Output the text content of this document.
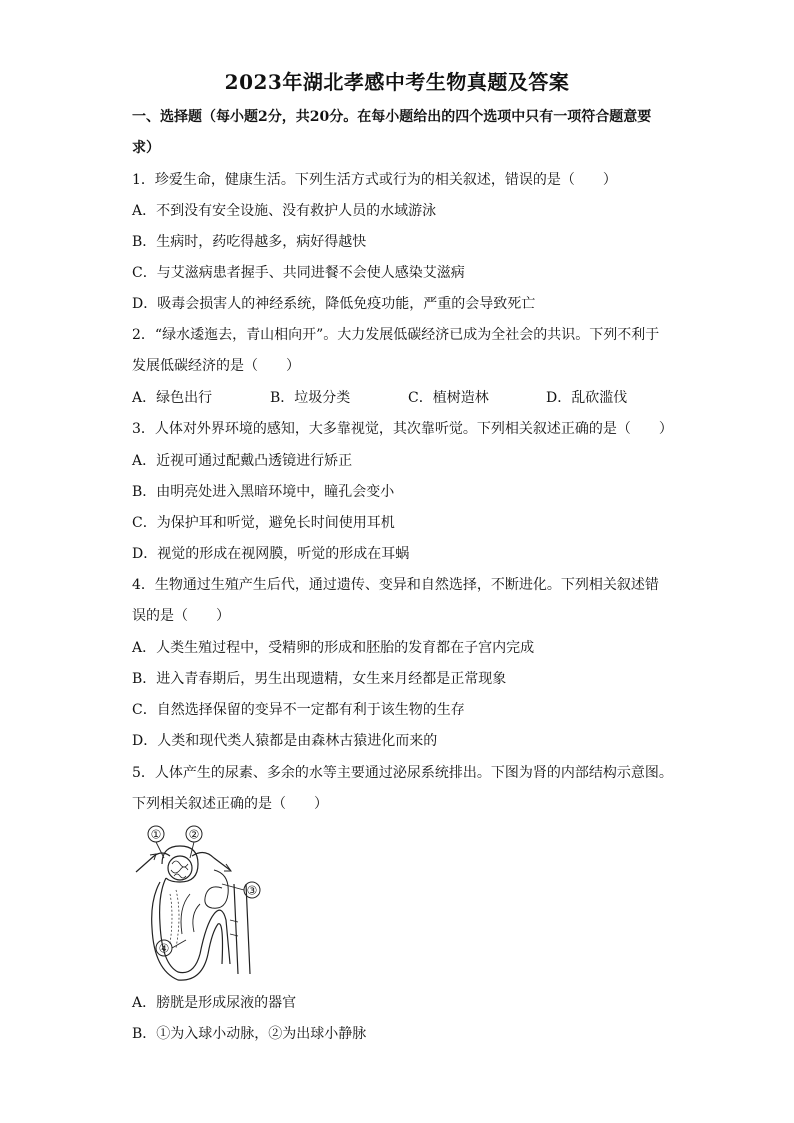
2023年湖北孝感中考生物真题及答案
一、选择题（每小题2分，共20分。在每小题给出的四个选项中只有一项符合题意要
求）
1．珍爱生命，健康生活。下列生活方式或行为的相关叙述，错误的是（　　）
A．不到没有安全设施、没有救护人员的水域游泳
B．生病时，药吃得越多，病好得越快
C．与艾滋病患者握手、共同进餐不会使人感染艾滋病
D．吸毒会损害人的神经系统，降低免疫功能，严重的会导致死亡
2．“绿水逶迤去，青山相向开”。大力发展低碳经济已成为全社会的共识。下列不利于
发展低碳经济的是（　　）
A．绿色出行	B．垃圾分类	C．植树造林	D．乱砍滥伐
3．人体对外界环境的感知，大多靠视觉，其次靠听觉。下列相关叙述正确的是（　　）
A．近视可通过配戴凸透镜进行矫正
B．由明亮处进入黑暗环境中，瞳孔会变小
C．为保护耳和听觉，避免长时间使用耳机
D．视觉的形成在视网膜，听觉的形成在耳蜗
4．生物通过生殖产生后代，通过遗传、变异和自然选择，不断进化。下列相关叙述错
误的是（　　）
A．人类生殖过程中，受精卵的形成和胚胎的发育都在子宫内完成
B．进入青春期后，男生出现遗精，女生来月经都是正常现象
C．自然选择保留的变异不一定都有利于该生物的生存
D．人类和现代类人猿都是由森林古猿进化而来的
5．人体产生的尿素、多余的水等主要通过泌尿系统排出。下图为肾的内部结构示意图。
下列相关叙述正确的是（　　）
① ②
③
④
A．膀胱是形成尿液的器官
B．①为入球小动脉，②为出球小静脉
